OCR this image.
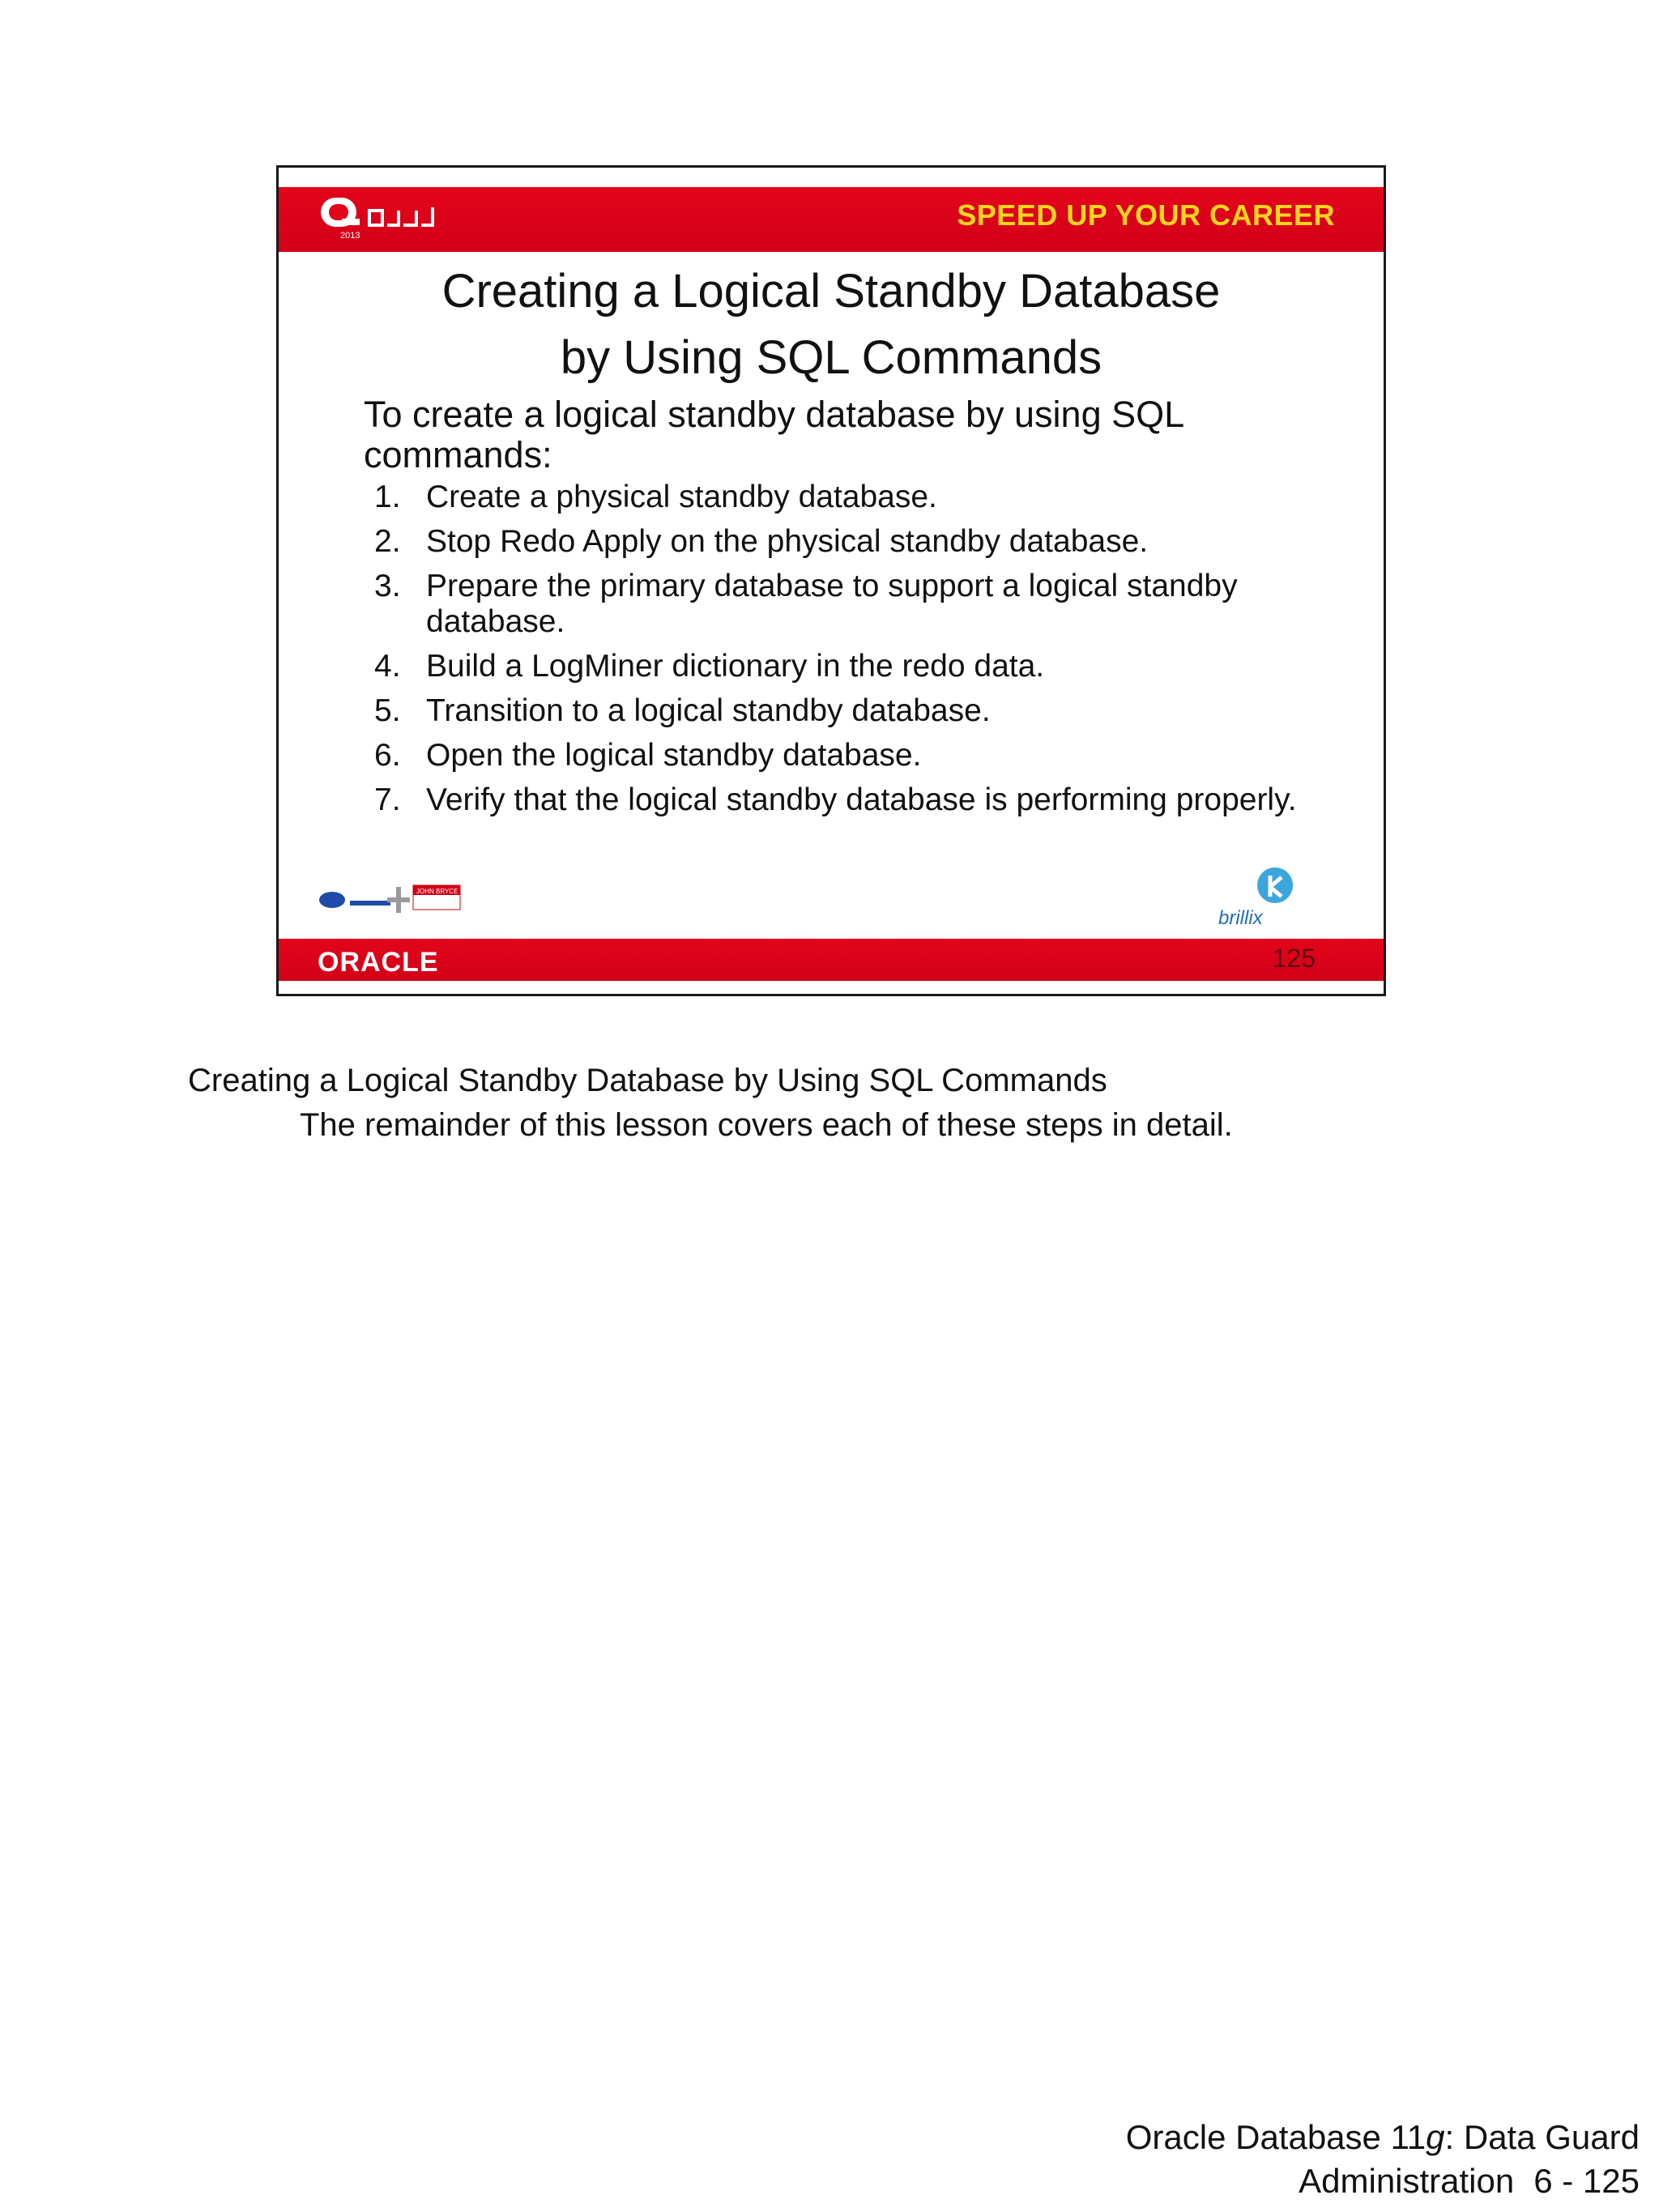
2013
SPEED UP YOUR CAREER
Creating a Logical Standby Database
by Using SQL Commands
To create a logical standby database by using SQL
commands:
1. Create a physical standby database.
2. Stop Redo Apply on the physical standby database.
3. Prepare the primary database to support a logical standby database.
4. Build a LogMiner dictionary in the redo data.
5. Transition to a logical standby database.
6. Open the logical standby database.
7. Verify that the logical standby database is performing properly.
JOHN BRYCE
brillix
ORACLE	125
Creating a Logical Standby Database by Using SQL Commands
The remainder of this lesson covers each of these steps in detail.
Oracle Database 11g: Data Guard
Administration 6 - 125
